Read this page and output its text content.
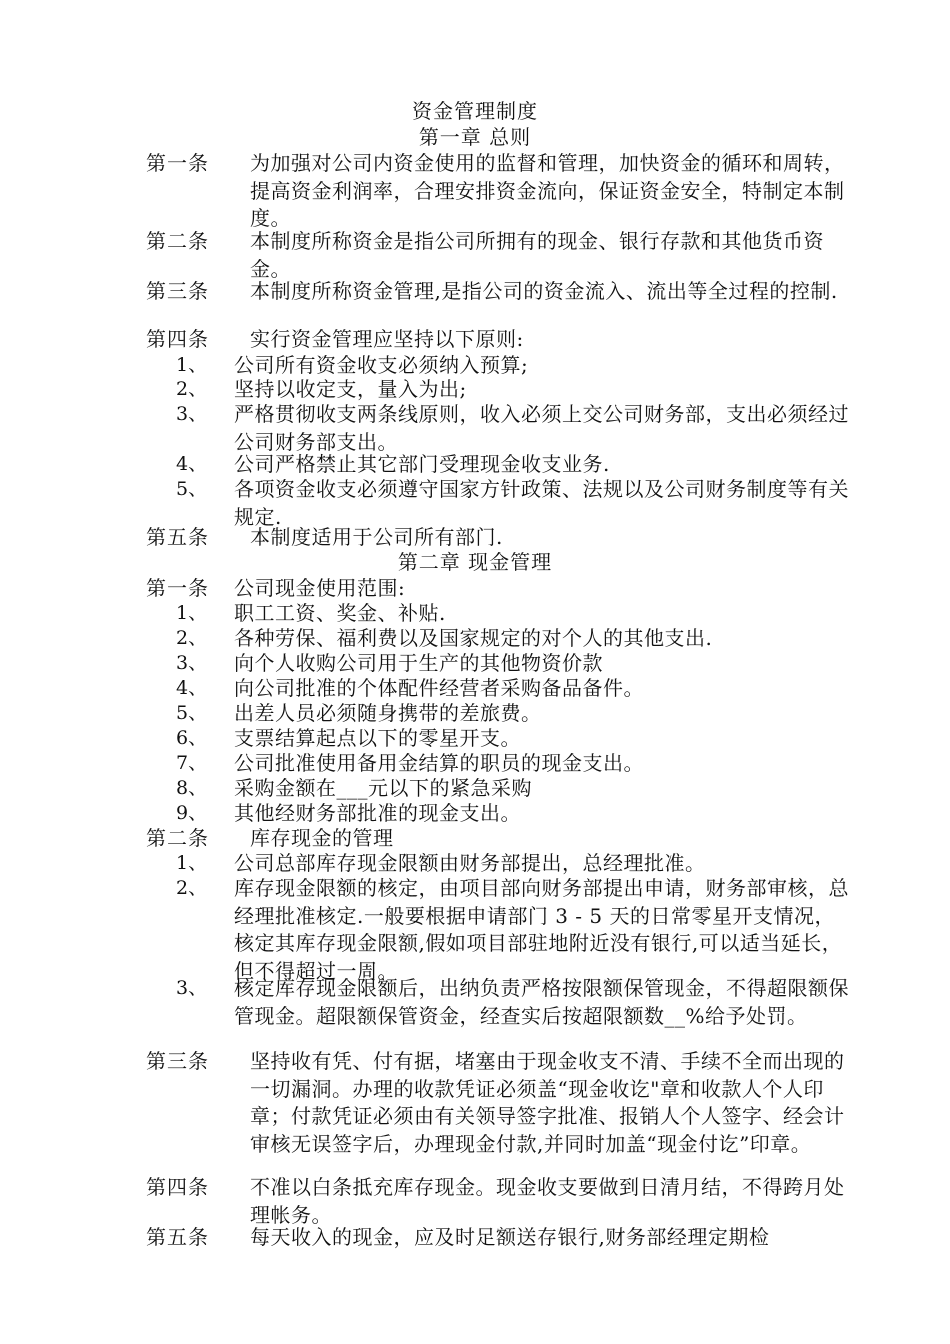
资金管理制度
第一章 总则
第一条 为加强对公司内资金使用的监督和管理，加快资金的循环和周转，提高资金利润率，合理安排资金流向，保证资金安全，特制定本制度。
第二条 本制度所称资金是指公司所拥有的现金、银行存款和其他货币资金。
第三条 本制度所称资金管理,是指公司的资金流入、流出等全过程的控制.
第四条 实行资金管理应坚持以下原则:
1、 公司所有资金收支必须纳入预算;
2、 坚持以收定支，量入为出;
3、 严格贯彻收支两条线原则，收入必须上交公司财务部，支出必须经过公司财务部支出。
4、 公司严格禁止其它部门受理现金收支业务.
5、 各项资金收支必须遵守国家方针政策、法规以及公司财务制度等有关规定.
第五条 本制度适用于公司所有部门.
第二章 现金管理
第一条 公司现金使用范围:
1、 职工工资、奖金、补贴.
2、 各种劳保、福利费以及国家规定的对个人的其他支出.
3、 向个人收购公司用于生产的其他物资价款
4、 向公司批准的个体配件经营者采购备品备件。
5、 出差人员必须随身携带的差旅费。
6、 支票结算起点以下的零星开支。
7、 公司批准使用备用金结算的职员的现金支出。
8、 采购金额在___元以下的紧急采购
9、 其他经财务部批准的现金支出。
第二条 库存现金的管理
1、 公司总部库存现金限额由财务部提出，总经理批准。
2、 库存现金限额的核定，由项目部向财务部提出申请，财务部审核，总经理批准核定.一般要根据申请部门 3 - 5 天的日常零星开支情况，核定其库存现金限额,假如项目部驻地附近没有银行,可以适当延长，但不得超过一周。
3、 核定库存现金限额后，出纳负责严格按限额保管现金，不得超限额保管现金。超限额保管资金，经查实后按超限额数__%给予处罚。
第三条 坚持收有凭、付有据，堵塞由于现金收支不清、手续不全而出现的一切漏洞。办理的收款凭证必须盖“现金收讫"章和收款人个人印章；付款凭证必须由有关领导签字批准、报销人个人签字、经会计审核无误签字后，办理现金付款,并同时加盖“现金付讫”印章。
第四条 不准以白条抵充库存现金。现金收支要做到日清月结，不得跨月处理帐务。
第五条 每天收入的现金，应及时足额送存银行,财务部经理定期检
